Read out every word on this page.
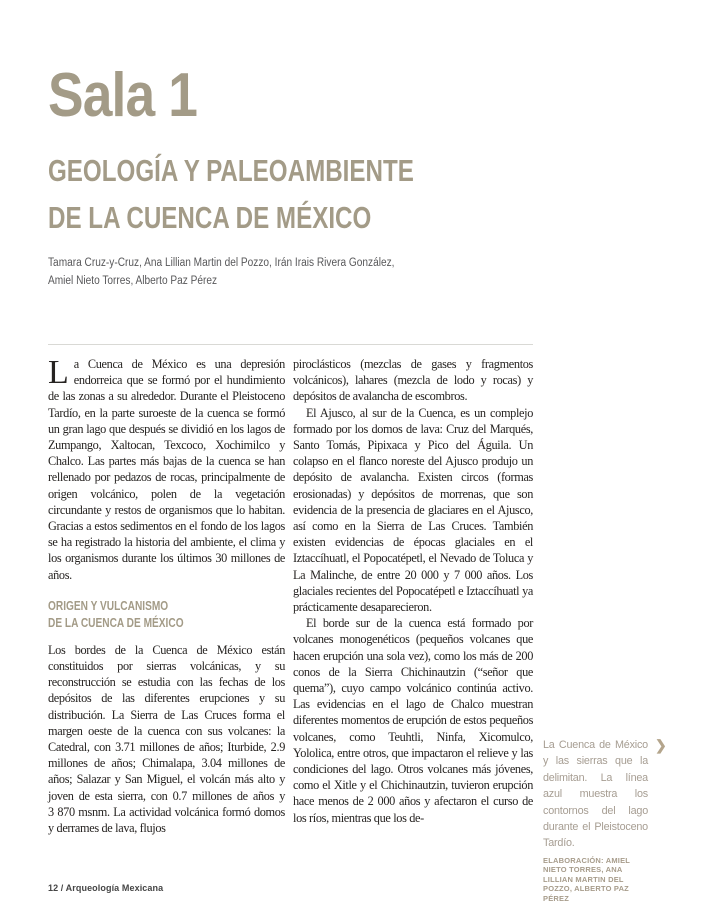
Sala 1
GEOLOGÍA Y PALEOAMBIENTE
DE LA CUENCA DE MÉXICO
Tamara Cruz-y-Cruz, Ana Lillian Martin del Pozzo, Irán Irais Rivera González,
Amiel Nieto Torres, Alberto Paz Pérez

La Cuenca de México es una depresión endorreica que se formó por el hundimiento de las zonas a su alrededor. Durante el Pleistoceno Tardío, en la parte suroeste de la cuenca se formó un gran lago que después se dividió en los lagos de Zumpango, Xaltocan, Texcoco, Xochimilco y Chalco. Las partes más bajas de la cuenca se han rellenado por pedazos de rocas, principalmente de origen volcánico, polen de la vegetación circundante y restos de organismos que lo habitan. Gracias a estos sedimentos en el fondo de los lagos se ha registrado la historia del ambiente, el clima y los organismos durante los últimos 30 millones de años.

ORIGEN Y VULCANISMO
DE LA CUENCA DE MÉXICO

Los bordes de la Cuenca de México están constituidos por sierras volcánicas, y su reconstrucción se estudia con las fechas de los depósitos de las diferentes erupciones y su distribución. La Sierra de Las Cruces forma el margen oeste de la cuenca con sus volcanes: la Catedral, con 3.71 millones de años; Iturbide, 2.9 millones de años; Chimalapa, 3.04 millones de años; Salazar y San Miguel, el volcán más alto y joven de esta sierra, con 0.7 millones de años y 3 870 msnm. La actividad volcánica formó domos y derrames de lava, flujos

piroclásticos (mezclas de gases y fragmentos volcánicos), lahares (mezcla de lodo y rocas) y depósitos de avalancha de escombros.

El Ajusco, al sur de la Cuenca, es un complejo formado por los domos de lava: Cruz del Marqués, Santo Tomás, Pipixaca y Pico del Águila. Un colapso en el flanco noreste del Ajusco produjo un depósito de avalancha. Existen circos (formas erosionadas) y depósitos de morrenas, que son evidencia de la presencia de glaciares en el Ajusco, así como en la Sierra de Las Cruces. También existen evidencias de épocas glaciales en el Iztaccíhuatl, el Popocatépetl, el Nevado de Toluca y La Malinche, de entre 20 000 y 7 000 años. Los glaciales recientes del Popocatépetl e Iztaccíhuatl ya prácticamente desaparecieron.

El borde sur de la cuenca está formado por volcanes monogenéticos (pequeños volcanes que hacen erupción una sola vez), como los más de 200 conos de la Sierra Chichinautzin (“señor que quema”), cuyo campo volcánico continúa activo. Las evidencias en el lago de Chalco muestran diferentes momentos de erupción de estos pequeños volcanes, como Teuhtli, Ninfa, Xicomulco, Yololica, entre otros, que impactaron el relieve y las condiciones del lago. Otros volcanes más jóvenes, como el Xitle y el Chichinautzin, tuvieron erupción hace menos de 2 000 años y afectaron el curso de los ríos, mientras que los de-

La Cuenca de México y las sierras que la delimitan. La línea azul muestra los contornos del lago durante el Pleistoceno Tardío.
ELABORACIÓN: AMIEL NIETO TORRES, ANA LILLIAN MARTIN DEL POZZO, ALBERTO PAZ PÉREZ
❯
12 / Arqueología Mexicana
